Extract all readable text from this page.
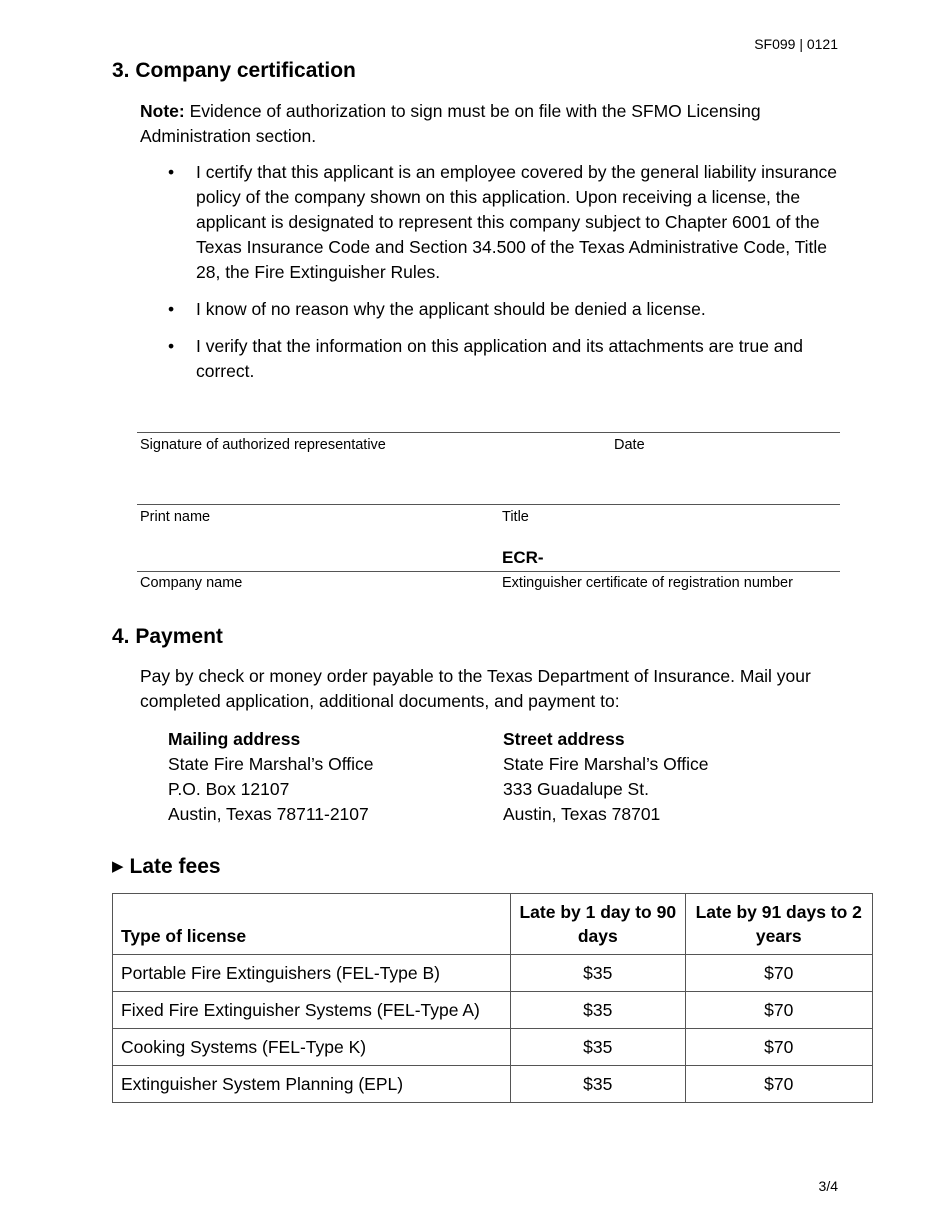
SF099 | 0121
3. Company certification

Note: Evidence of authorization to sign must be on file with the SFMO Licensing Administration section.

• I certify that this applicant is an employee covered by the general liability insurance policy of the company shown on this application. Upon receiving a license, the applicant is designated to represent this company subject to Chapter 6001 of the Texas Insurance Code and Section 34.500 of the Texas Administrative Code, Title 28, the Fire Extinguisher Rules.
• I know of no reason why the applicant should be denied a license.
• I verify that the information on this application and its attachments are true and correct.
Signature of authorized representative	Date
Print name	Title
ECR-
Company name	Extinguisher certificate of registration number
4. Payment

Pay by check or money order payable to the Texas Department of Insurance. Mail your completed application, additional documents, and payment to:

Mailing address
State Fire Marshal’s Office
P.O. Box 12107
Austin, Texas 78711-2107
Street address
State Fire Marshal’s Office
333 Guadalupe St.
Austin, Texas 78701
▶ Late fees
Type of license	Late by 1 day to 90 days	Late by 91 days to 2 years
Portable Fire Extinguishers (FEL-Type B)	$35	$70
Fixed Fire Extinguisher Systems (FEL-Type A)	$35	$70
Cooking Systems (FEL-Type K)	$35	$70
Extinguisher System Planning (EPL)	$35	$70
3/4
